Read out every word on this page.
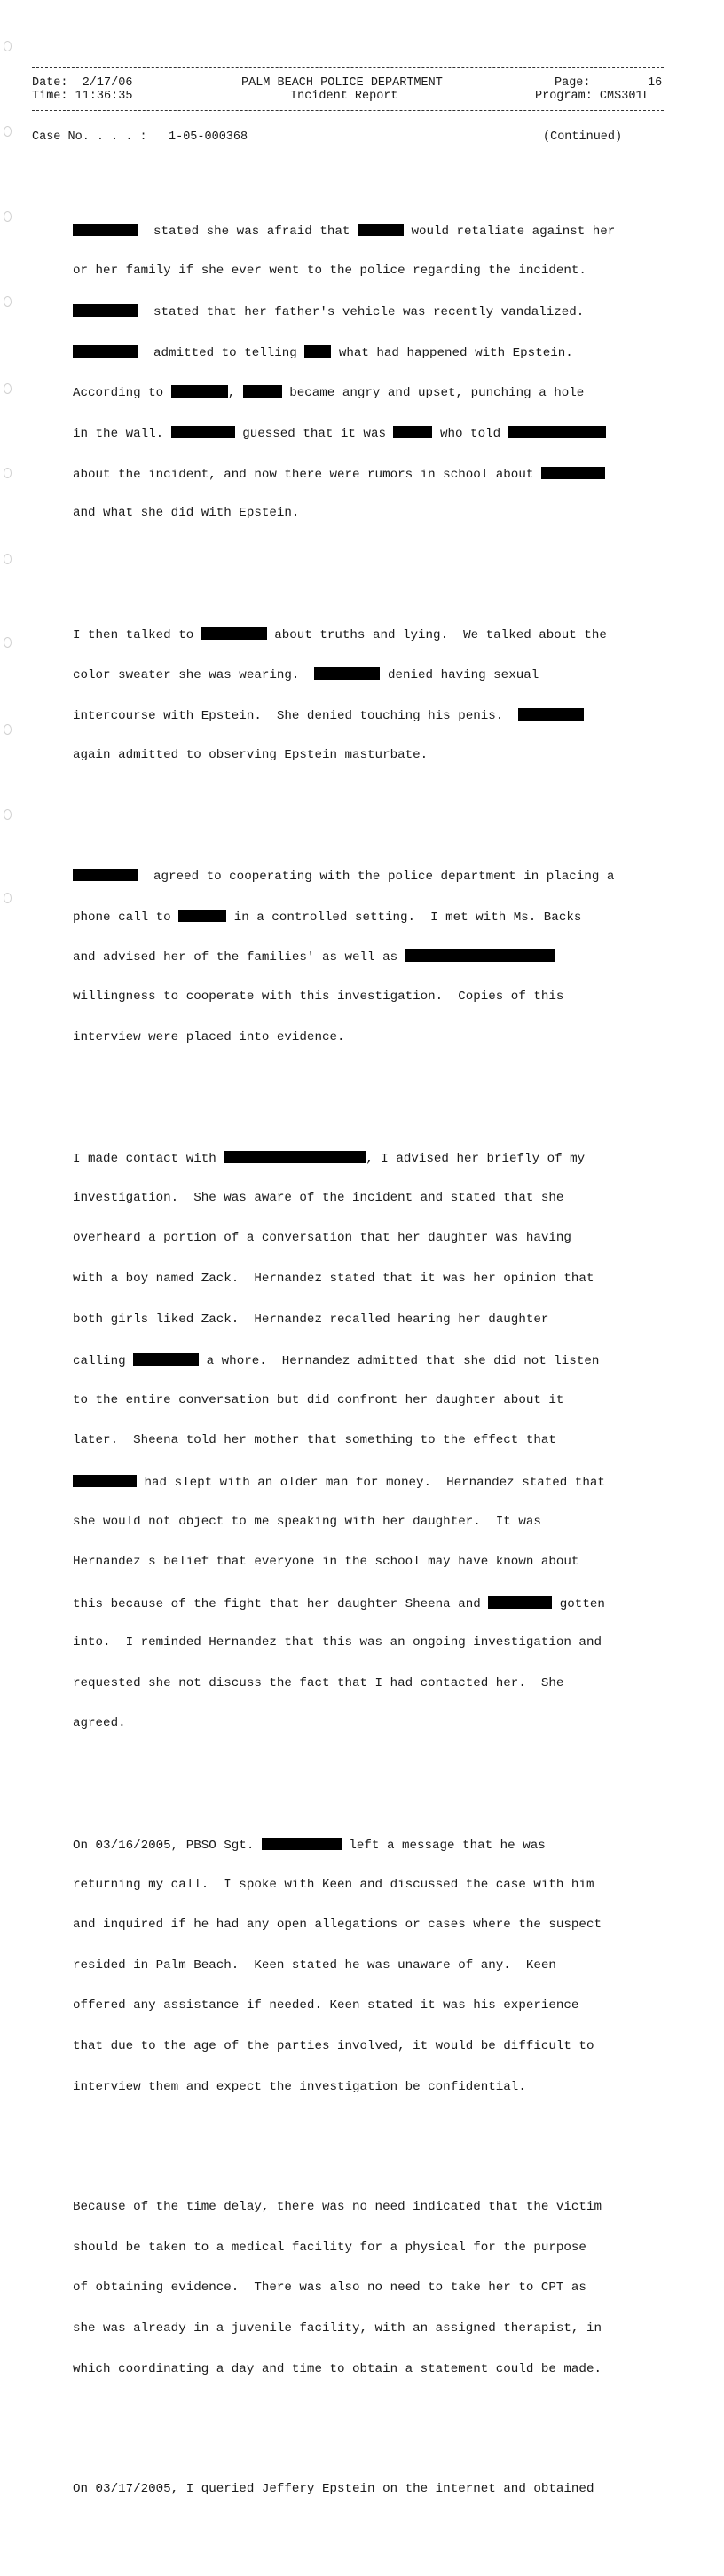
Date:  2/17/06
Time: 11:36:35
PALM BEACH POLICE DEPARTMENT
Incident Report
Page:	16
Program: CMS301L
Case No. . . . : 1-05-000368	(Continued)

stated she was afraid that	would retaliate against her

or her family if she ever went to the police regarding the incident.

stated that her father's vehicle was recently vandalized.

admitted to telling	what had happened with Epstein.

According to	,	became angry and upset, punching a hole

in the wall.	guessed that it was	who told

about the incident, and now there were rumors in school about

and what she did with Epstein.

I then talked to	about truths and lying.  We talked about the

color sweater she was wearing.	denied having sexual

intercourse with Epstein.  She denied touching his penis.

again admitted to observing Epstein masturbate.

agreed to cooperating with the police department in placing a

phone call to	in a controlled setting.  I met with Ms. Backs

and advised her of the families' as well as

willingness to cooperate with this investigation.  Copies of this

interview were placed into evidence.

I made contact with	, I advised her briefly of my

investigation.  She was aware of the incident and stated that she

overheard a portion of a conversation that her daughter was having

with a boy named Zack.  Hernandez stated that it was her opinion that

both girls liked Zack.  Hernandez recalled hearing her daughter

calling	a whore.  Hernandez admitted that she did not listen

to the entire conversation but did confront her daughter about it

later.  Sheena told her mother that something to the effect that

had slept with an older man for money.  Hernandez stated that

she would not object to me speaking with her daughter.  It was

Hernandez s belief that everyone in the school may have known about

this because of the fight that her daughter Sheena and	gotten

into.  I reminded Hernandez that this was an ongoing investigation and

requested she not discuss the fact that I had contacted her.  She

agreed.

On 03/16/2005, PBSO Sgt.	left a message that he was

returning my call.  I spoke with Keen and discussed the case with him

and inquired if he had any open allegations or cases where the suspect

resided in Palm Beach.  Keen stated he was unaware of any.  Keen

offered any assistance if needed. Keen stated it was his experience

that due to the age of the parties involved, it would be difficult to

interview them and expect the investigation be confidential.

Because of the time delay, there was no need indicated that the victim

should be taken to a medical facility for a physical for the purpose

of obtaining evidence.  There was also no need to take her to CPT as

she was already in a juvenile facility, with an assigned therapist, in

which coordinating a day and time to obtain a statement could be made.

On 03/17/2005, I queried Jeffery Epstein on the internet and obtained
